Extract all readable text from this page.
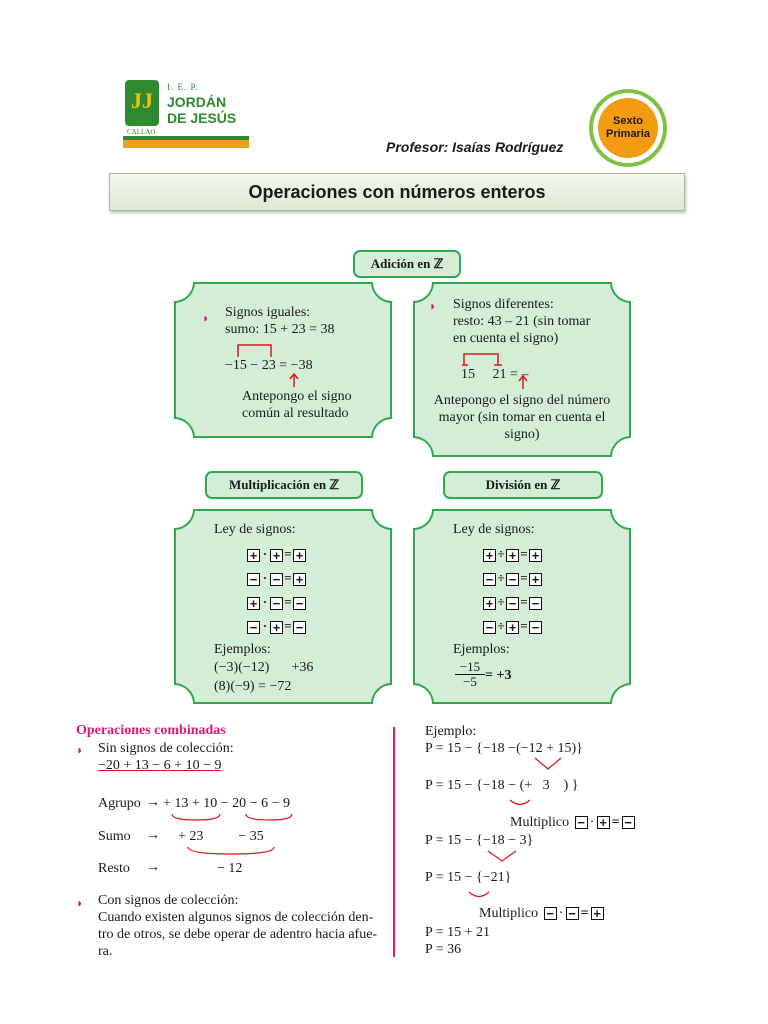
JJ
I. E. P.
JORDÁN DE JESÚS
CALLAO
Profesor: Isaías Rodríguez
Sexto
Primaria
Operaciones con números enteros
Adición en ℤ
◗ Signos iguales:
sumo: 15 + 23 = 38
−15 − 23 = −38
Antepongo el signo
común al resultado
◗ Signos diferentes:
resto: 43 – 21 (sin tomar
en cuenta el signo)
15     21 = –
Antepongo el signo del número
mayor (sin tomar en cuenta el
signo)
Multiplicación en ℤ
Ley de signos:
+ · + = +
− · − = +
+ · − = −
− · + = −
Ejemplos:
(−3)(−12) +36
(8)(−9) = −72
División en ℤ
Ley de signos:
+ ÷ + = +
− ÷ − = +
+ ÷ − = −
− ÷ + = −
Ejemplos:
−15
−5 = +3
Operaciones combinadas
◗ Sin signos de colección:
−20 + 13 − 6 + 10 − 9
Agrupo → + 13 + 10 − 20 − 6 − 9
Sumo → + 23          − 35
Resto →	− 12
◗ Con signos de colección:
Cuando existen algunos signos de colección den-
tro de otros, se debe operar de adentro hacia afue-
ra.
Ejemplo:
P = 15 − {−18 −(−12 + 15)}
P = 15 − {−18 − (+   3    ) }
Multiplico − · + = −
P = 15 − {−18 − 3}
P = 15 − {−21}
Multiplico − · − = +
P = 15 + 21
P = 36
